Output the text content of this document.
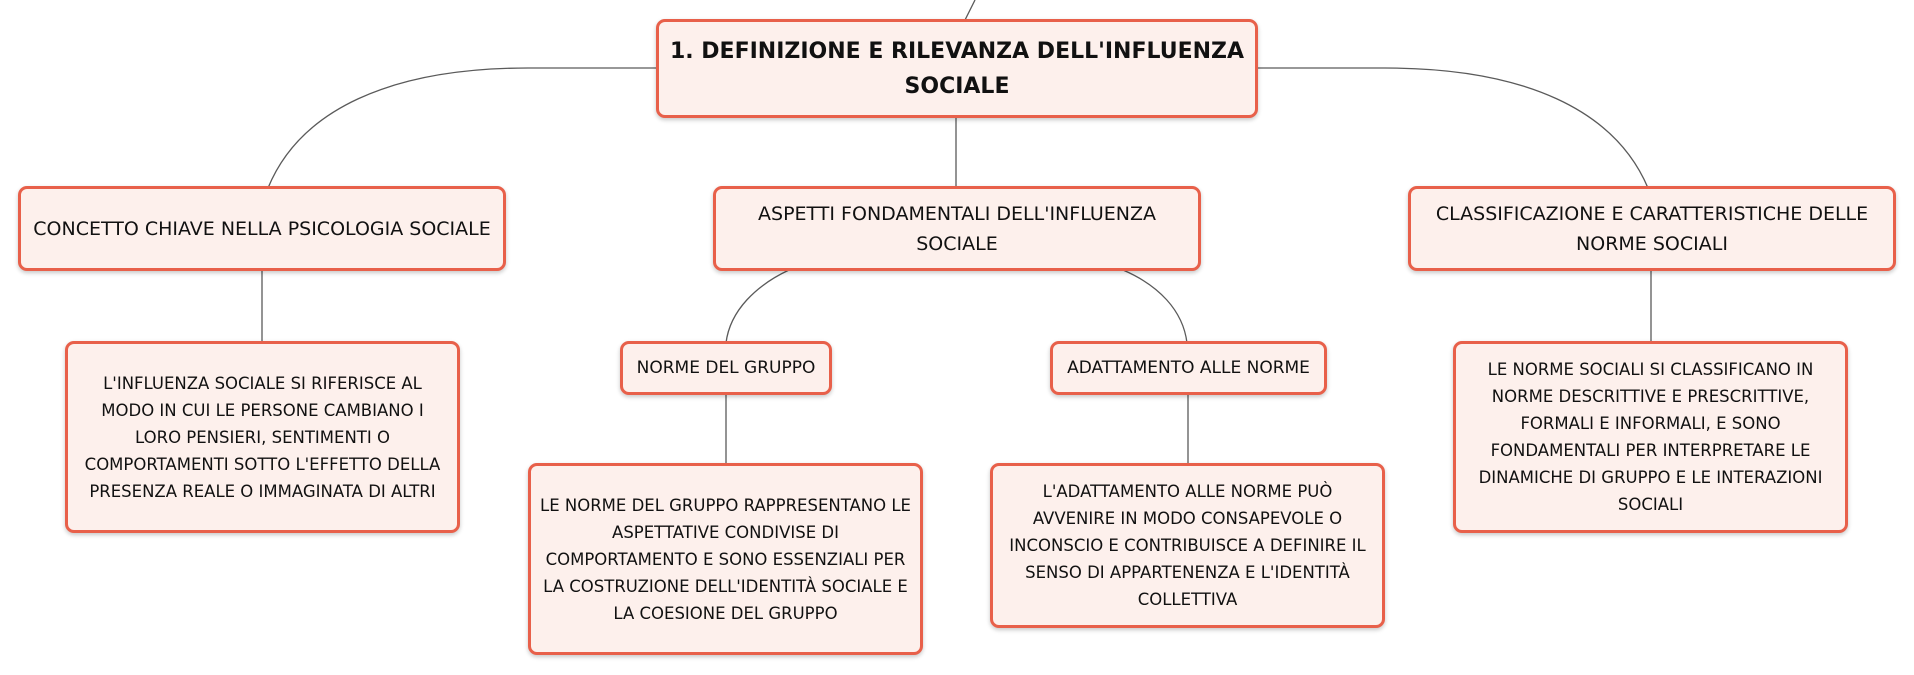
1. DEFINIZIONE E RILEVANZA DELL'INFLUENZA SOCIALE
CONCETTO CHIAVE NELLA PSICOLOGIA SOCIALE
ASPETTI FONDAMENTALI DELL'INFLUENZA SOCIALE
CLASSIFICAZIONE E CARATTERISTICHE DELLE NORME SOCIALI
L'INFLUENZA SOCIALE SI RIFERISCE AL MODO IN CUI LE PERSONE CAMBIANO I LORO PENSIERI, SENTIMENTI O COMPORTAMENTI SOTTO L'EFFETTO DELLA PRESENZA REALE O IMMAGINATA DI ALTRI
NORME DEL GRUPPO	ADATTAMENTO ALLE NORME	LE NORME SOCIALI SI CLASSIFICANO IN NORME DESCRITTIVE E PRESCRITTIVE, FORMALI E INFORMALI, E SONO FONDAMENTALI PER INTERPRETARE LE DINAMICHE DI GRUPPO E LE INTERAZIONI SOCIALI
LE NORME DEL GRUPPO RAPPRESENTANO LE ASPETTATIVE CONDIVISE DI COMPORTAMENTO E SONO ESSENZIALI PER LA COSTRUZIONE DELL'IDENTITÀ SOCIALE E LA COESIONE DEL GRUPPO
L'ADATTAMENTO ALLE NORME PUÒ AVVENIRE IN MODO CONSAPEVOLE O INCONSCIO E CONTRIBUISCE A DEFINIRE IL SENSO DI APPARTENENZA E L'IDENTITÀ COLLETTIVA
